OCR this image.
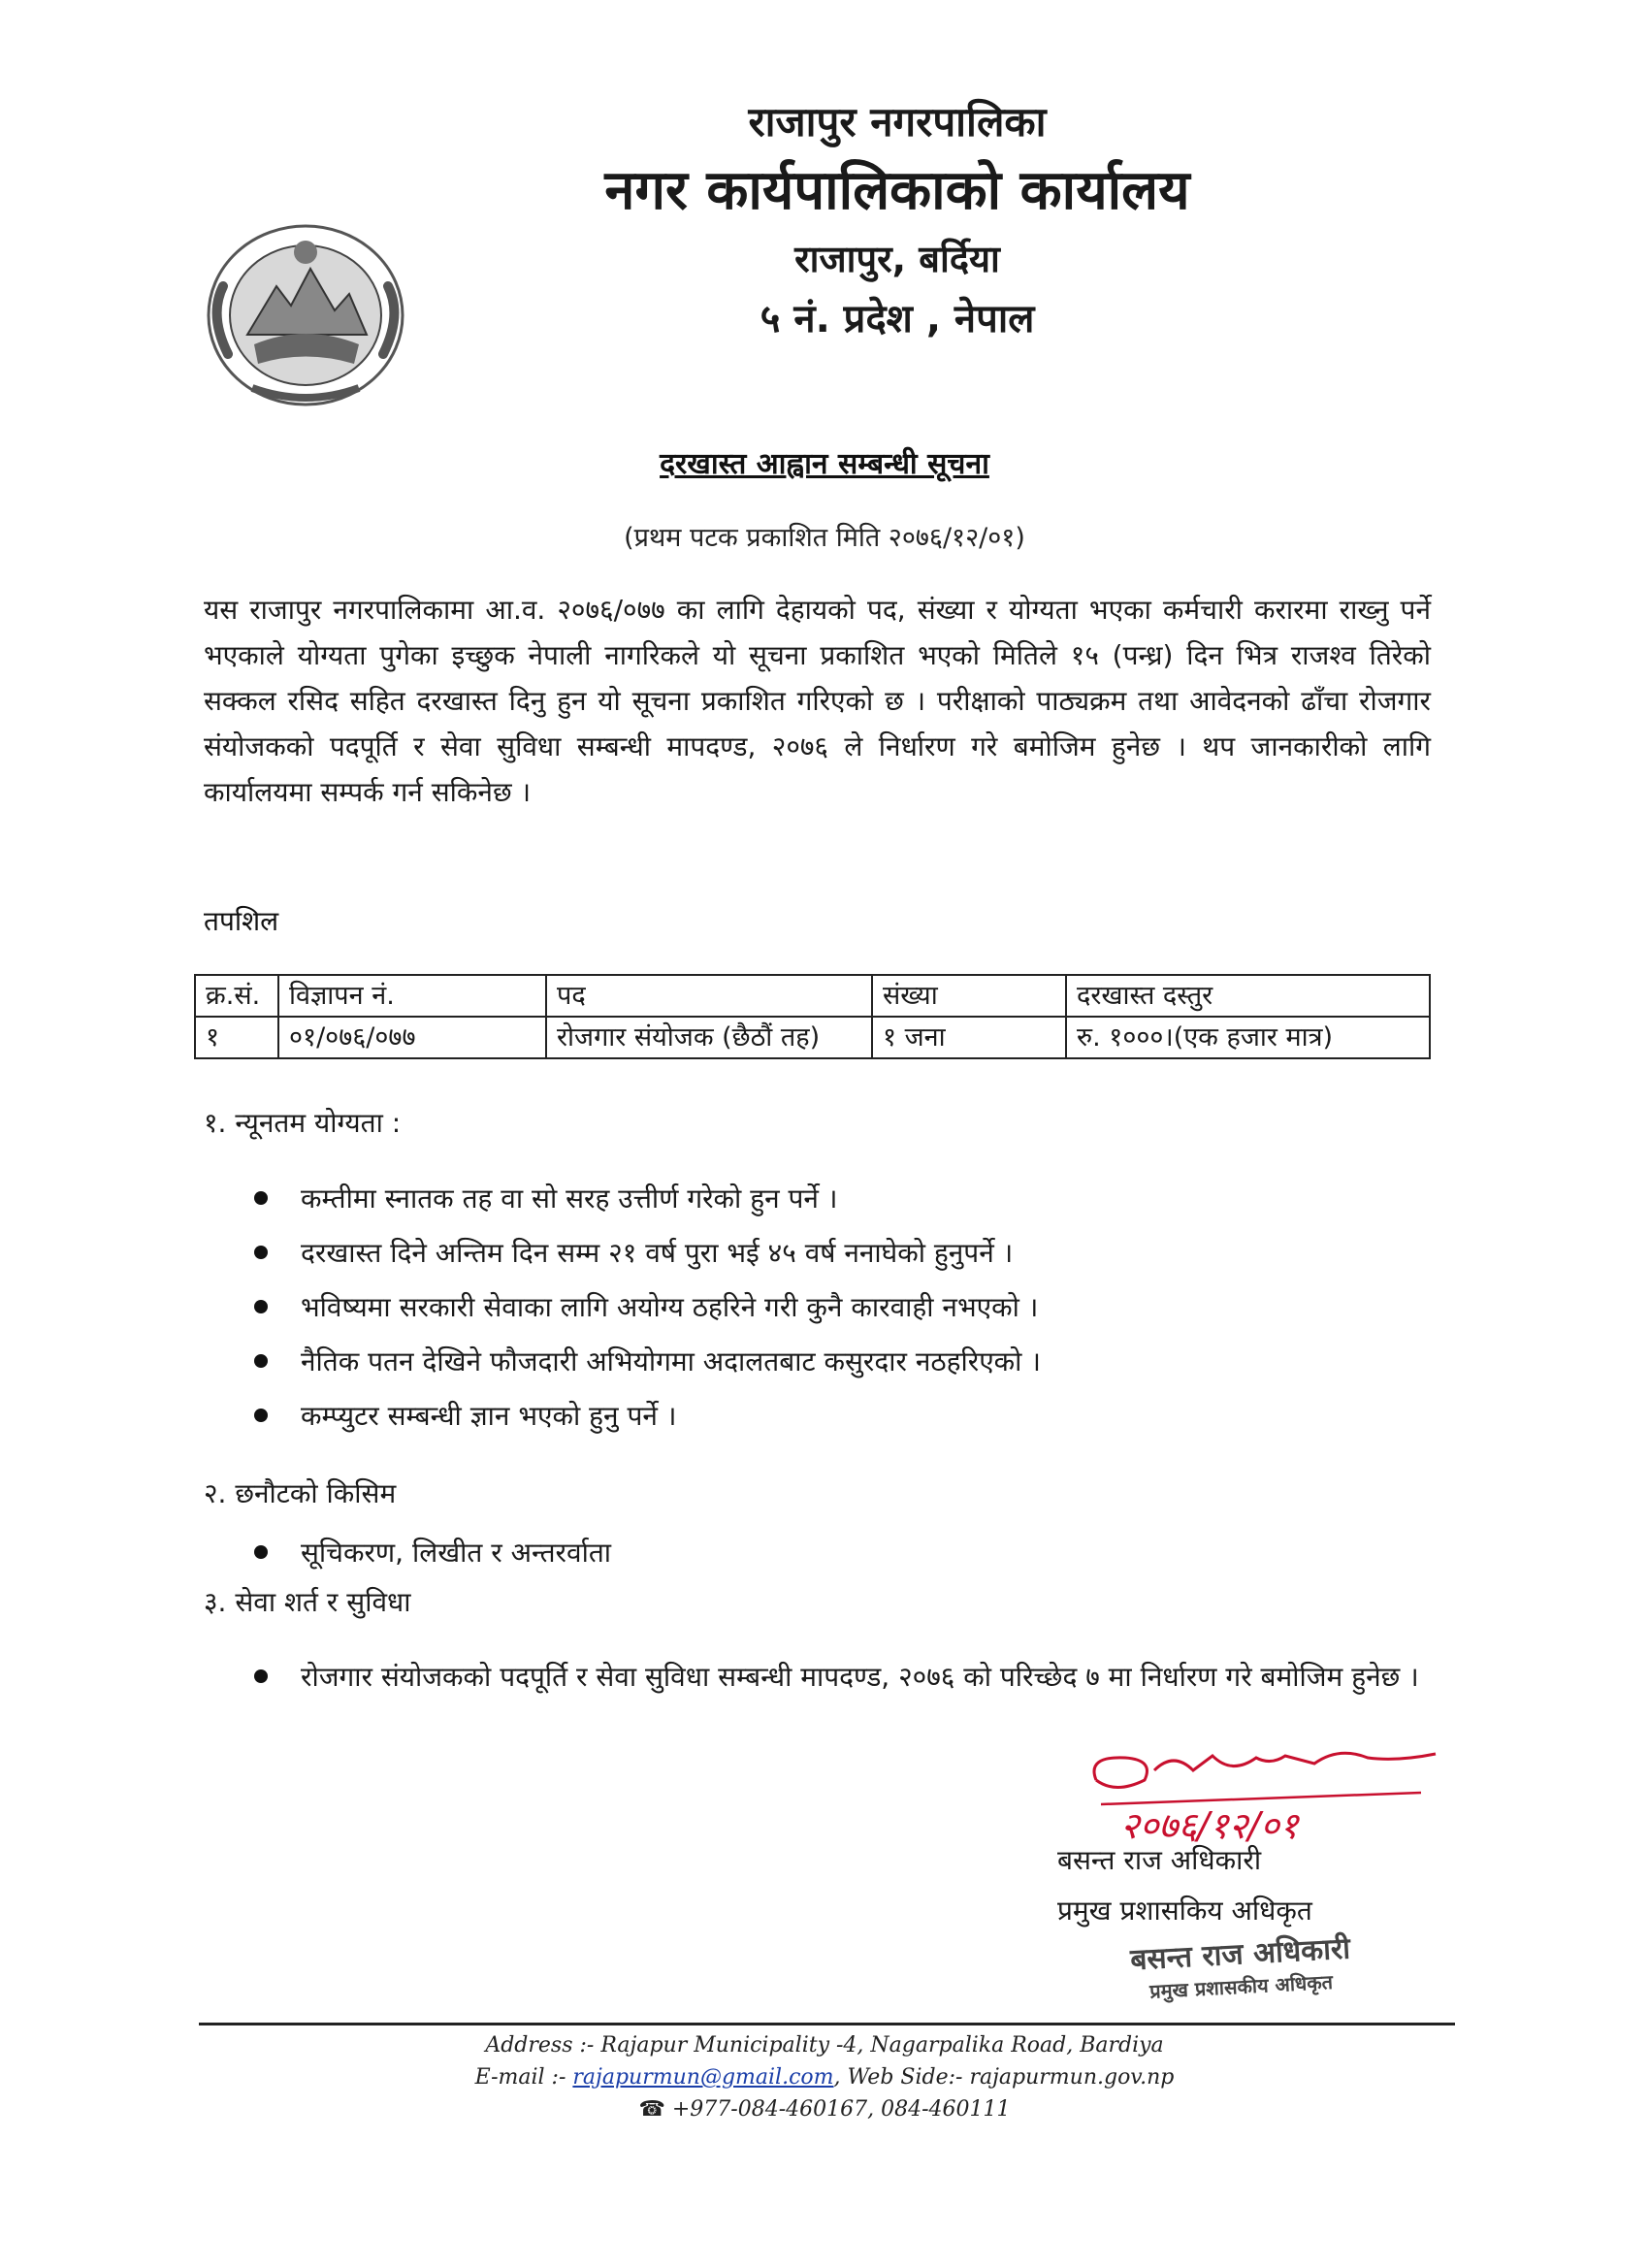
राजापुर नगरपालिका
नगर कार्यपालिकाको कार्यालय
राजापुर, बर्दिया
५ नं. प्रदेश , नेपाल
दरखास्त आह्वान सम्बन्धी सूचना
(प्रथम पटक प्रकाशित मिति २०७६/१२/०१)
यस राजापुर नगरपालिकामा आ.व. २०७६/०७७ का लागि देहायको पद, संख्या र योग्यता भएका कर्मचारी करारमा राख्नु पर्ने भएकाले योग्यता पुगेका इच्छुक नेपाली नागरिकले यो सूचना प्रकाशित भएको मितिले १५ (पन्ध्र) दिन भित्र राजश्व तिरेको सक्कल रसिद सहित दरखास्त दिनु हुन यो सूचना प्रकाशित गरिएको छ । परीक्षाको पाठ्यक्रम तथा आवेदनको ढाँचा रोजगार संयोजकको पदपूर्ति र सेवा सुविधा सम्बन्धी मापदण्ड, २०७६ ले निर्धारण गरे बमोजिम हुनेछ । थप जानकारीको लागि कार्यालयमा सम्पर्क गर्न सकिनेछ ।
तपशिल
क्र.सं.	विज्ञापन नं.	पद	संख्या	दरखास्त दस्तुर
१	०१/०७६/०७७	रोजगार संयोजक (छैठौं तह)	१ जना	रु. १०००।(एक हजार मात्र)
१. न्यूनतम योग्यता :
कम्तीमा स्नातक तह वा सो सरह उत्तीर्ण गरेको हुन पर्ने ।
दरखास्त दिने अन्तिम दिन सम्म २१ वर्ष पुरा भई ४५ वर्ष ननाघेको हुनुपर्ने ।
भविष्यमा सरकारी सेवाका लागि अयोग्य ठहरिने गरी कुनै कारवाही नभएको ।
नैतिक पतन देखिने फौजदारी अभियोगमा अदालतबाट कसुरदार नठहरिएको ।
कम्प्युटर सम्बन्धी ज्ञान भएको हुनु पर्ने ।
२. छनौटको किसिम
सूचिकरण, लिखीत र अन्तरर्वाता
३. सेवा शर्त र सुविधा
रोजगार संयोजकको पदपूर्ति र सेवा सुविधा सम्बन्धी मापदण्ड, २०७६ को परिच्छेद ७ मा निर्धारण गरे बमोजिम हुनेछ ।
२०७६/१२/०१
बसन्त राज अधिकारी
प्रमुख प्रशासकिय अधिकृत
बसन्त राज अधिकारी
प्रमुख प्रशासकीय अधिकृत
Address :- Rajapur Municipality -4, Nagarpalika Road, Bardiya
E-mail :- rajapurmun@gmail.com, Web Side:- rajapurmun.gov.np
☎ +977-084-460167, 084-460111
